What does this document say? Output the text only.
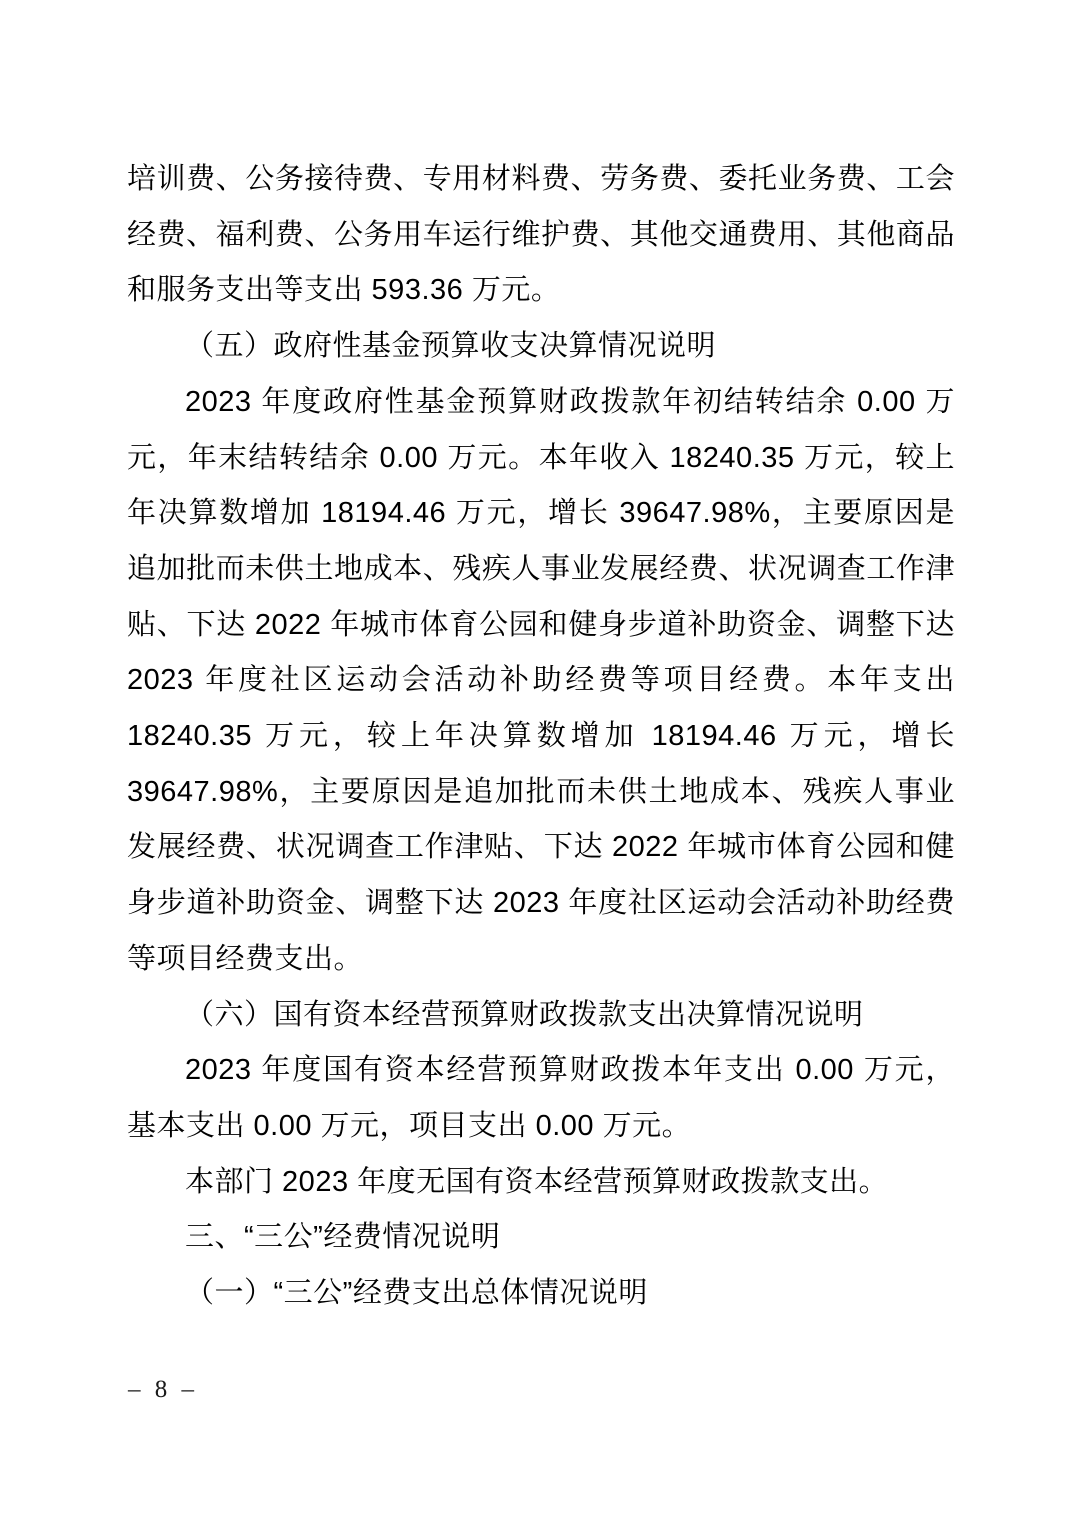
培训费、公务接待费、专用材料费、劳务费、委托业务费、工会经费、福利费、公务用车运行维护费、其他交通费用、其他商品和服务支出等支出 593.36 万元。

（五）政府性基金预算收支决算情况说明

2023 年度政府性基金预算财政拨款年初结转结余 0.00 万元，年末结转结余 0.00 万元。本年收入 18240.35 万元，较上年决算数增加 18194.46 万元，增长 39647.98%，主要原因是追加批而未供土地成本、残疾人事业发展经费、状况调查工作津贴、下达 2022 年城市体育公园和健身步道补助资金、调整下达 2023 年度社区运动会活动补助经费等项目经费。本年支出 18240.35 万元，较上年决算数增加 18194.46 万元，增长 39647.98%，主要原因是追加批而未供土地成本、残疾人事业发展经费、状况调查工作津贴、下达 2022 年城市体育公园和健身步道补助资金、调整下达 2023 年度社区运动会活动补助经费等项目经费支出。

（六）国有资本经营预算财政拨款支出决算情况说明

2023 年度国有资本经营预算财政拨本年支出 0.00 万元，基本支出 0.00 万元，项目支出 0.00 万元。

本部门 2023 年度无国有资本经营预算财政拨款支出。

三、“三公”经费情况说明

（一）“三公”经费支出总体情况说明

– 8 –
